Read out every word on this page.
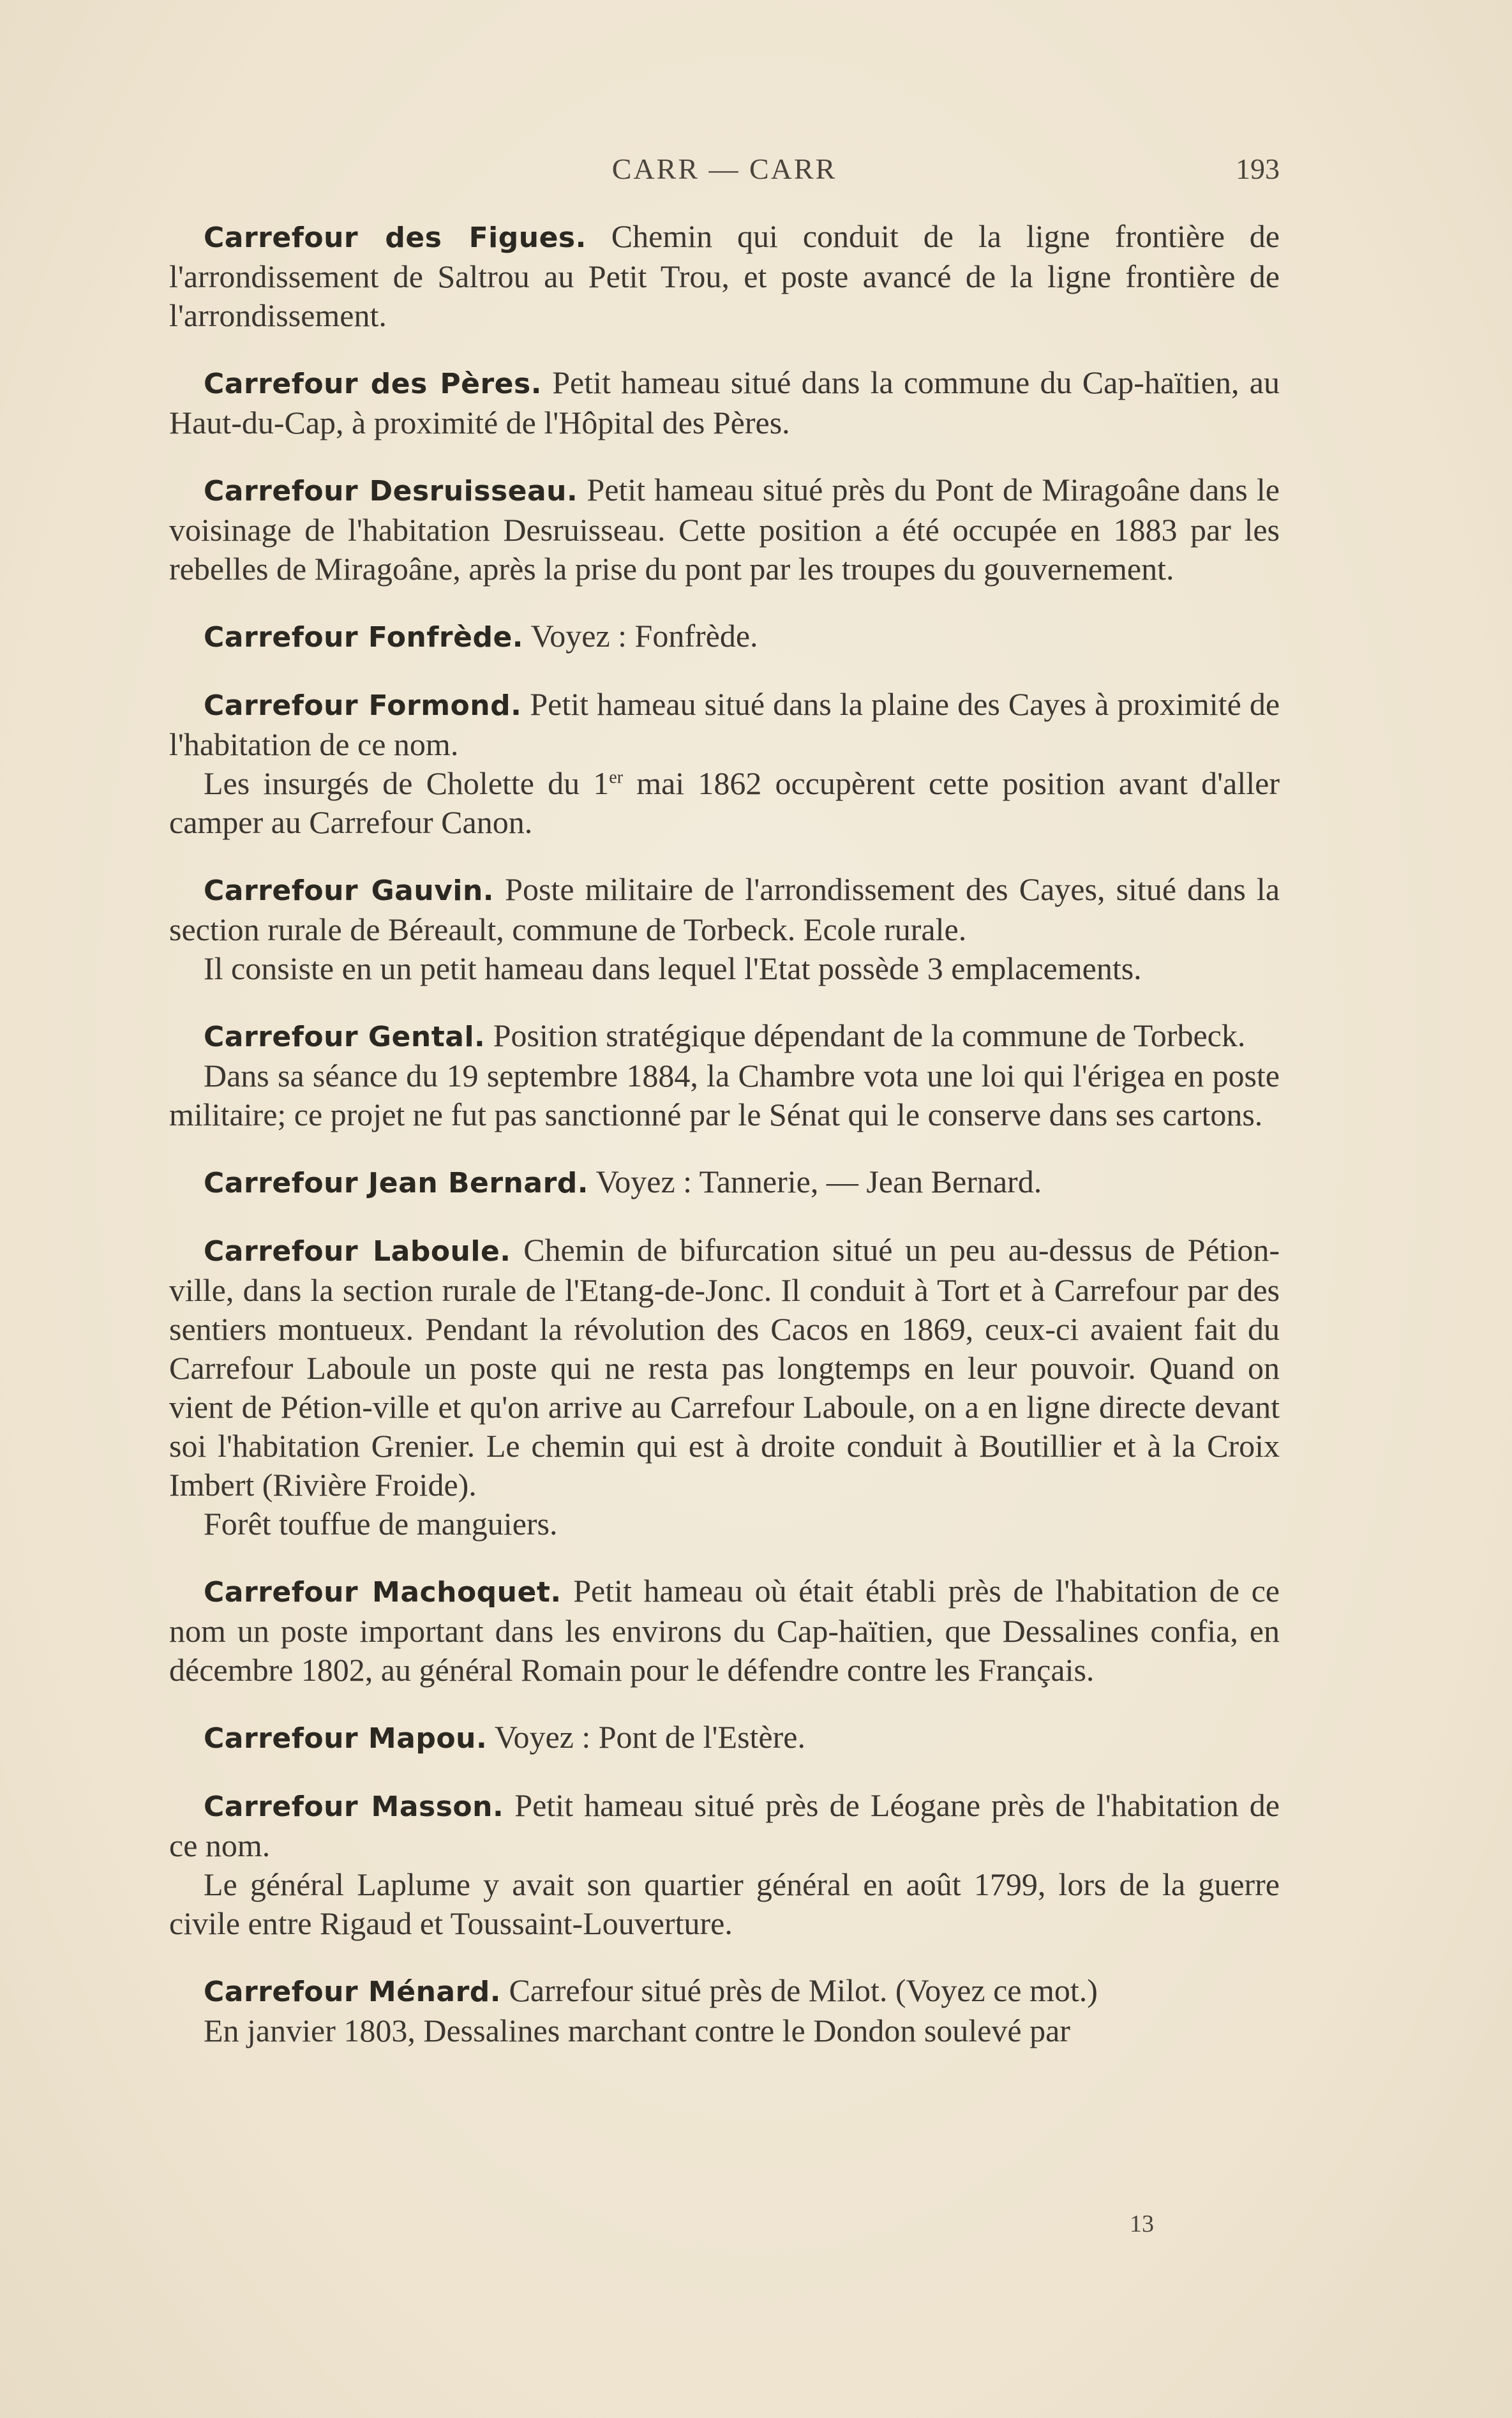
CARR — CARR	193

Carrefour des Figues. Chemin qui conduit de la ligne frontière de l'arrondissement de Saltrou au Petit Trou, et poste avancé de la ligne frontière de l'arrondissement.

Carrefour des Pères. Petit hameau situé dans la commune du Cap-haïtien, au Haut-du-Cap, à proximité de l'Hôpital des Pères.

Carrefour Desruisseau. Petit hameau situé près du Pont de Miragoâne dans le voisinage de l'habitation Desruisseau. Cette position a été occupée en 1883 par les rebelles de Miragoâne, après la prise du pont par les troupes du gouvernement.

Carrefour Fonfrède. Voyez : Fonfrède.

Carrefour Formond. Petit hameau situé dans la plaine des Cayes à proximité de l'habitation de ce nom.

Les insurgés de Cholette du 1er mai 1862 occupèrent cette position avant d'aller camper au Carrefour Canon.

Carrefour Gauvin. Poste militaire de l'arrondissement des Cayes, situé dans la section rurale de Béreault, commune de Torbeck. Ecole rurale.

Il consiste en un petit hameau dans lequel l'Etat possède 3 emplacements.

Carrefour Gental. Position stratégique dépendant de la commune de Torbeck.

Dans sa séance du 19 septembre 1884, la Chambre vota une loi qui l'érigea en poste militaire; ce projet ne fut pas sanctionné par le Sénat qui le conserve dans ses cartons.

Carrefour Jean Bernard. Voyez : Tannerie, — Jean Bernard.

Carrefour Laboule. Chemin de bifurcation situé un peu au-dessus de Pétion-ville, dans la section rurale de l'Etang-de-Jonc. Il conduit à Tort et à Carrefour par des sentiers montueux. Pendant la révolution des Cacos en 1869, ceux-ci avaient fait du Carrefour Laboule un poste qui ne resta pas longtemps en leur pouvoir. Quand on vient de Pétion-ville et qu'on arrive au Carrefour Laboule, on a en ligne directe devant soi l'habitation Grenier. Le chemin qui est à droite conduit à Boutillier et à la Croix Imbert (Rivière Froide).

Forêt touffue de manguiers.

Carrefour Machoquet. Petit hameau où était établi près de l'habitation de ce nom un poste important dans les environs du Cap-haïtien, que Dessalines confia, en décembre 1802, au général Romain pour le défendre contre les Français.

Carrefour Mapou. Voyez : Pont de l'Estère.

Carrefour Masson. Petit hameau situé près de Léogane près de l'habitation de ce nom.

Le général Laplume y avait son quartier général en août 1799, lors de la guerre civile entre Rigaud et Toussaint-Louverture.

Carrefour Ménard. Carrefour situé près de Milot. (Voyez ce mot.)

En janvier 1803, Dessalines marchant contre le Dondon soulevé par

13
